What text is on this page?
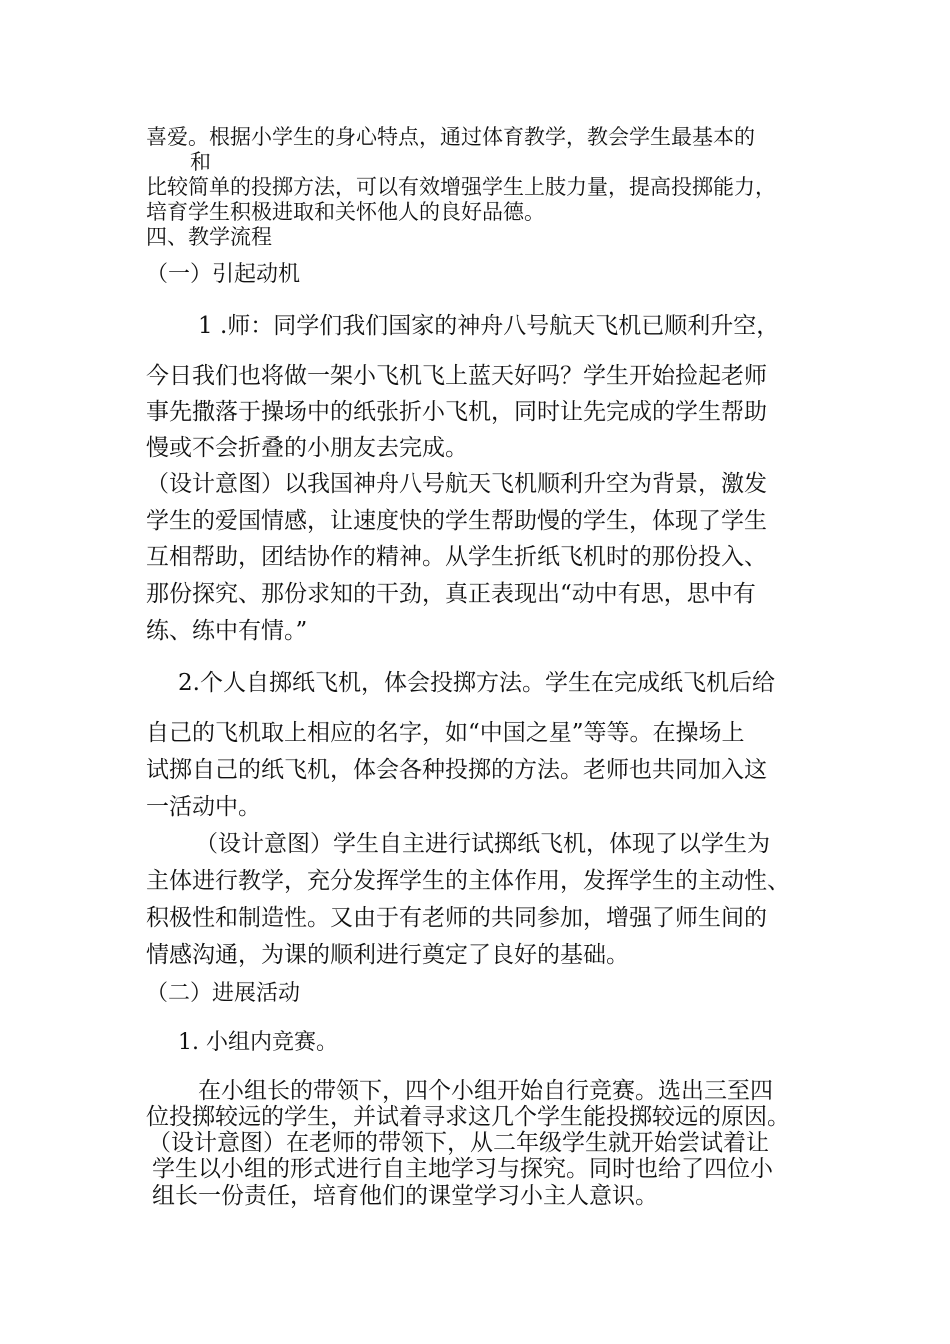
喜爱。根据小学生的身心特点，通过体育教学，教会学生最基本的
和
比较简单的投掷方法，可以有效增强学生上肢力量，提高投掷能力，
培育学生积极进取和关怀他人的良好品德。
四、教学流程
（一）引起动机
1 .师：同学们我们国家的神舟八号航天飞机已顺利升空，
今日我们也将做一架小飞机飞上蓝天好吗？学生开始捡起老师
事先撒落于操场中的纸张折小飞机，同时让先完成的学生帮助
慢或不会折叠的小朋友去完成。
（设计意图）以我国神舟八号航天飞机顺利升空为背景，激发
学生的爱国情感，让速度快的学生帮助慢的学生，体现了学生
互相帮助，团结协作的精神。从学生折纸飞机时的那份投入、
那份探究、那份求知的干劲，真正表现出“动中有思，思中有
练、练中有情。”
2.个人自掷纸飞机，体会投掷方法。学生在完成纸飞机后给
自己的飞机取上相应的名字，如“中国之星”等等。在操场上
试掷自己的纸飞机，体会各种投掷的方法。老师也共同加入这
一活动中。
（设计意图）学生自主进行试掷纸飞机，体现了以学生为
主体进行教学，充分发挥学生的主体作用，发挥学生的主动性、
积极性和制造性。又由于有老师的共同参加，增强了师生间的
情感沟通，为课的顺利进行奠定了良好的基础。
（二）进展活动
1. 小组内竞赛。
在小组长的带领下，四个小组开始自行竞赛。选出三至四
位投掷较远的学生，并试着寻求这几个学生能投掷较远的原因。
（设计意图）在老师的带领下，从二年级学生就开始尝试着让
学生以小组的形式进行自主地学习与探究。同时也给了四位小
组长一份责任，培育他们的课堂学习小主人意识。
